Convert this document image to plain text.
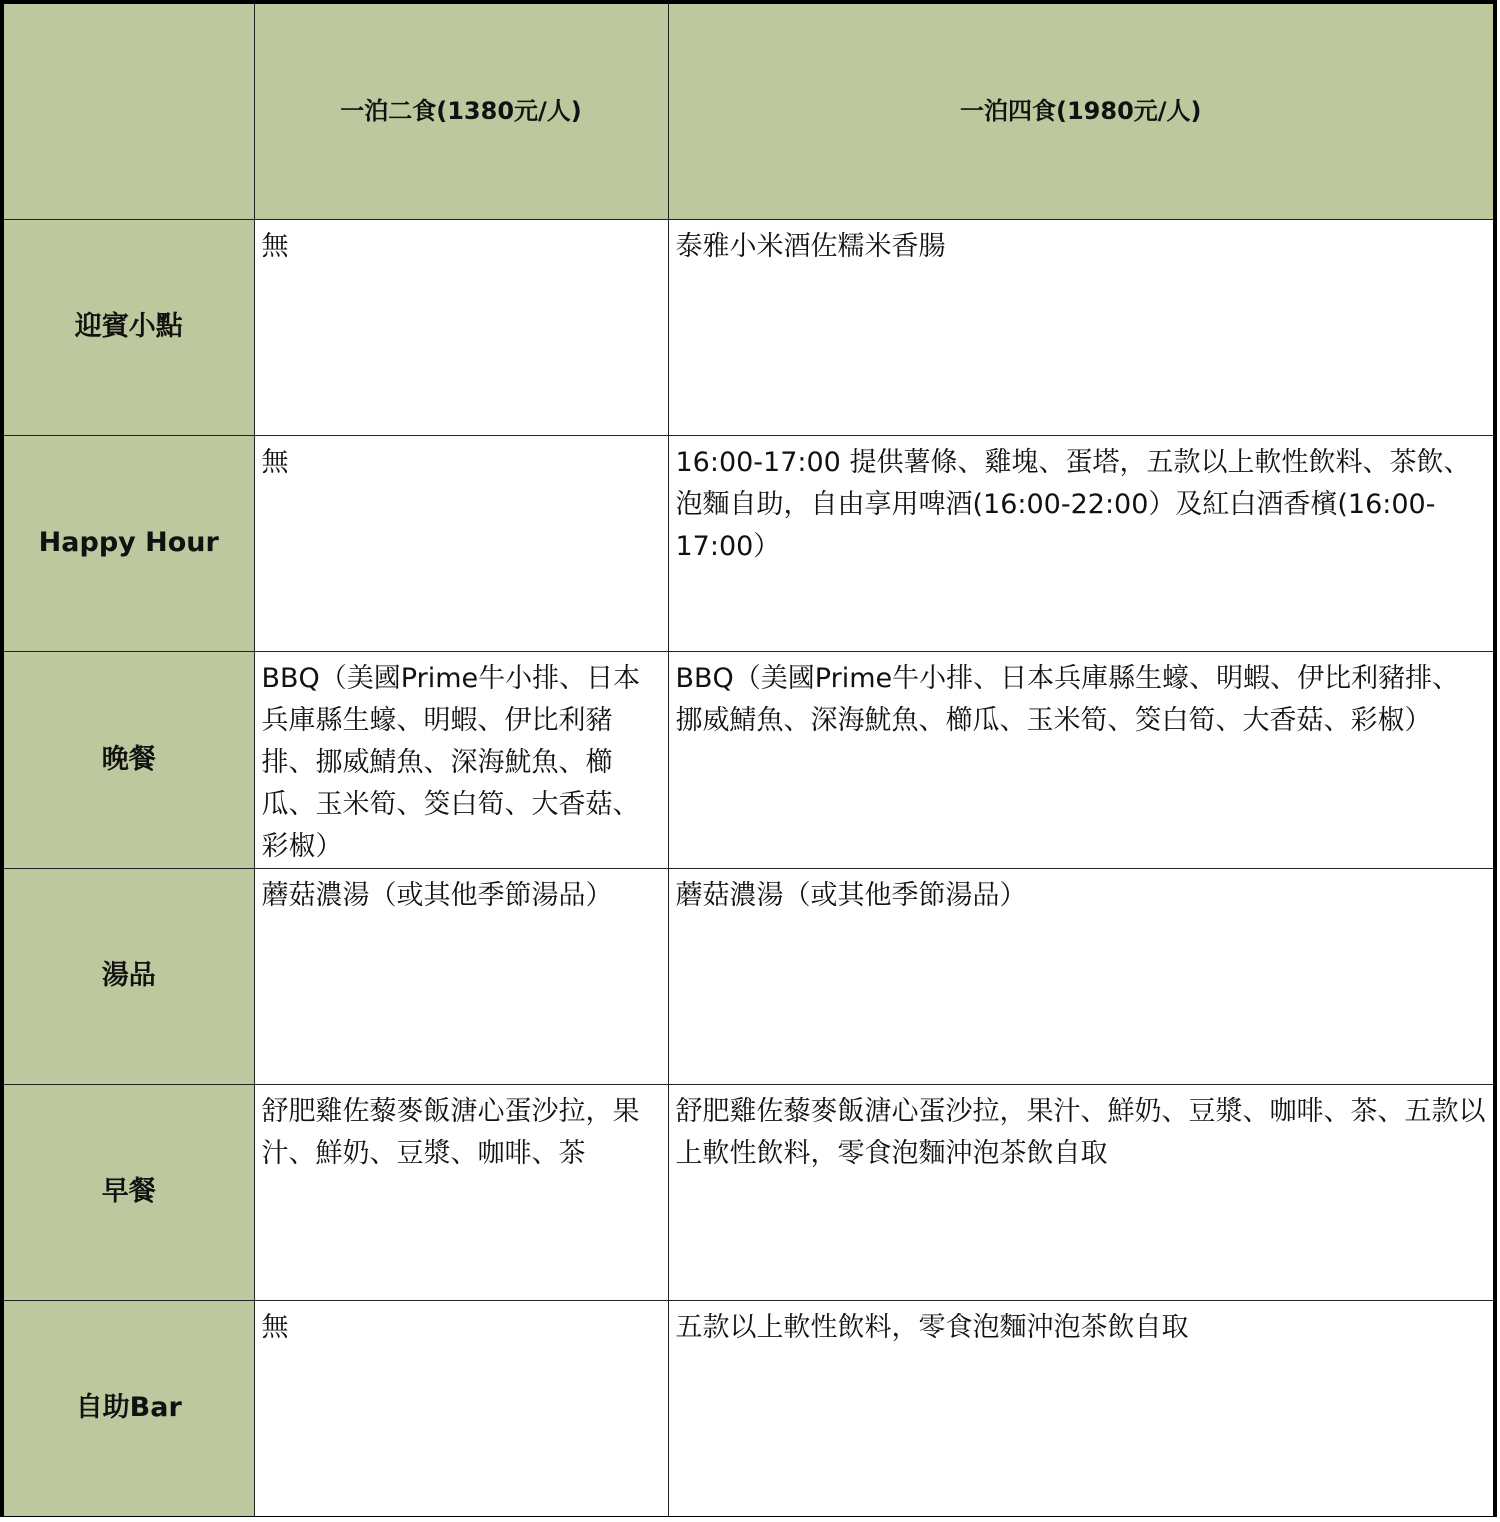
	一泊二食(1380元/人)	一泊四食(1980元/人)
迎賓小點	無	泰雅小米酒佐糯米香腸

Happy Hour	無	16:00-17:00 提供薯條、雞塊、蛋塔，五款以上軟性飲料、茶飲、泡麵自助，自由享用啤酒(16:00-22:00）及紅白酒香檳(16:00-17:00）

晚餐	BBQ（美國Prime牛小排、日本兵庫縣生蠔、明蝦、伊比利豬排、挪威鯖魚、深海魷魚、櫛瓜、玉米筍、筊白筍、大香菇、彩椒）	BBQ（美國Prime牛小排、日本兵庫縣生蠔、明蝦、伊比利豬排、挪威鯖魚、深海魷魚、櫛瓜、玉米筍、筊白筍、大香菇、彩椒）

湯品	蘑菇濃湯（或其他季節湯品）	蘑菇濃湯（或其他季節湯品）

早餐	舒肥雞佐藜麥飯溏心蛋沙拉，果汁、鮮奶、豆漿、咖啡、茶	舒肥雞佐藜麥飯溏心蛋沙拉，果汁、鮮奶、豆漿、咖啡、茶、五款以上軟性飲料，零食泡麵沖泡茶飲自取

自助Bar	無	五款以上軟性飲料，零食泡麵沖泡茶飲自取
